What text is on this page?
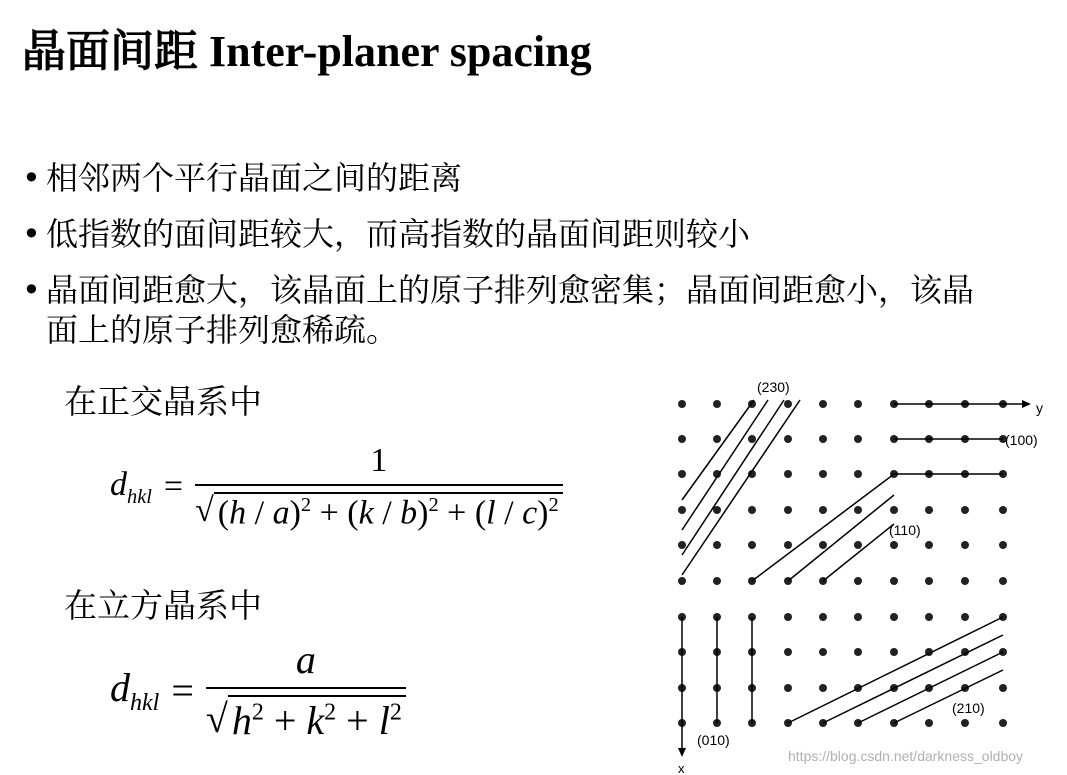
晶面间距 Inter-planer spacing
• 相邻两个平行晶面之间的距离
• 低指数的面间距较大，而高指数的晶面间距则较小
• 晶面间距愈大，该晶面上的原子排列愈密集；晶面间距愈小，该晶面上的原子排列愈稀疏。
在正交晶系中
$d_{hkl} = \frac{1}{√ (h / a)^2 + (k / b)^2 + (l / c)^2}$
在立方晶系中
$d_{hkl} = \frac{a}{√ h^2 + k^2 + l^2}$
(230)
(100)
(110)
(010)
(210)
y
x
https://blog.csdn.net/darkness_oldboy
